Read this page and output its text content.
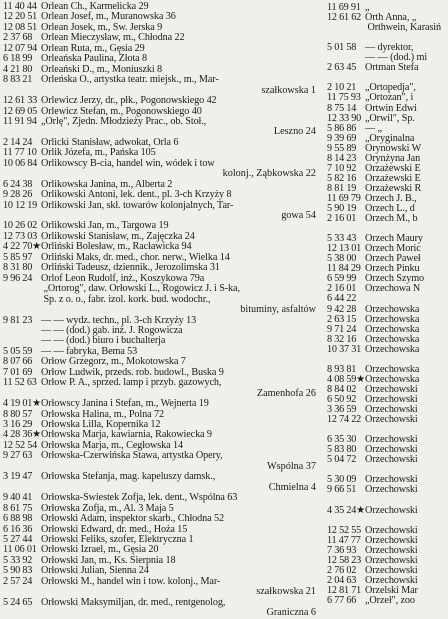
11 40 44 Orlean Ch., Karmelicka 29
12 20 51 Orlean Josef, m., Muranowska 36
12 08 51 Orlean Josek, m., Sw. Jerska 9
2 37 68 Orlean Mieczysław, m., Chłodna 22
12 07 94 Orlean Ruta, m., Gęsia 29
6 18 99 Orleańska Paulina, Złota 8
4 21 80 Orleański D., m., Moniuszki 8
8 83 21 Orleńska O., artystka teatr. miejsk., m., Mar-
szałkowska 1
12 61 33 Orlewicz Jerzy, dr., płk., Pogonowskiego 42
12 69 05 Orlewicz Stefan, m., Pogonowskiego 40
11 91 94 „Orlę", Zjedn. Młodzieży Prac., ob. Stoł.,
Leszno 24
2 14 24 Orlicki Stanisław, adwokat, Orla 6
11 77 10 Orlik Józefa, m., Pańska 105
10 06 84 Orlikowscy B-cia, handel win, wódek i tow
kolonj., Ząbkowska 22
6 24 38 Orlikowska Janina, m., Alberta 2
9 28 26 Orlikowski Antoni, lek. dent., pl. 3-ch Krzyży 8
10 12 19 Orlikowski Jan, skł. towarów kolonjalnych, Tar-
gowa 54
10 26 02 Orlikowski Jan, m., Targowa 19
12 73 03 Orlikowski Stanisław, m., Zajęczka 24
4 22 70★Orliński Bolesław, m., Racławicka 94
5 85 97 Orliński Maks, dr. med., chor. nerw., Wielka 14
8 31 80 Orliński Tadeusz, dziennik., Jerozolimska 31
9 96 24 Orlof Leon Rudolf, inż., Koszykowa 79a
„Ortorog", daw. Orłowski L., Rogowicz J. i S-ka,
Sp. z o. o., fabr. izol. kork. bud. wodochr.,
bituminy, asfaltów
9 81 23 — — wydz. techn., pl. 3-ch Krzyży 13
— — (dod.) gab. inż. J. Rogowicza
— — (dod.) biuro i buchalterja
5 05 59 — — fabryka, Bema 53
8 07 66 Orłow Grzegorz, m., Mokotowska 7
7 01 69 Orłow Ludwik, przeds. rob. budowl., Buska 9
11 52 63 Orłow P. A., sprzed. lamp i przyb. gazowych,
Zamenhofa 26
4 19 01★Orłowscy Janina i Stefan, m., Wejnerta 19
8 80 57 Orłowska Halina, m., Polna 72
3 16 29 Orłowska Lilla, Kopernika 12
4 28 36★Orłowska Marja, kawiarnia, Rakowiecka 9
12 52 54 Orłowska Marja, m., Cegłowska 14
9 27 63 Orłowska-Czerwińska Stawa, artystka Opery,
Wspólna 37
3 19 47 Orłowska Stefanja, mag. kapeluszy damsk.,
Chmielna 4
9 40 41 Orłowska-Świestek Zofja, lek. dent., Wspólna 63
8 61 75 Orłowska Zofja, m., Al. 3 Maja 5
6 88 98 Orłowski Adam, inspektor skarb., Chłodna 52
6 16 36 Orłowski Edward, dr. med., Hoża 15
5 27 44 Orłowski Feliks, szofer, Elektryczna 1
11 06 01 Orłowski Izrael, m., Gęsia 20
5 33 92 Orłowski Jan, m., Ks. Sierpnia 18
5 90 83 Orłowski Julian, Śienna 24
2 57 24 Orłowski M., handel win i tow. kolonj., Mar-
szałkowska 21
5 24 65 Orłowski Maksymiljan, dr. med., rentgenolog,
Graniczna 6
11 69 91 „
12 61 62 Orth Anna, „
Orthwein, Karasiń
5 01 58 — dyrektor,
— — (dod.) mi
2 63 45 Ortman Stefa
2 10 21 „Ortopedja",
11 75 93 „Ortozan", i
8 75 14 Ortwin Edwi
12 33 90 „Orwil", Sp.
5 86 86 — „
9 39 69 „Oryginalna
9 55 89 Orynowski W
8 14 23 Orynżyna Jan
7 10 92 Orzażewski E
5 82 16 Orzażewski E
8 81 19 Orzażewski R
11 69 79 Orzech J. B.,
5 90 19 Orzech L., d
2 16 01 Orzech M., b
5 33 43 Orzech Maury
12 13 01 Orzech Moric
5 38 00 Orzech Paweł
11 84 29 Orzech Pinku
6 59 99 Orzech Szymo
2 16 01 Orzechowa N
6 44 22
9 42 28 Orzechowska
2 63 15 Orzechowska
9 71 24 Orzechowska
8 32 16 Orzechowska
10 37 31 Orzechowska
8 93 81 Orzechowska
4 08 59★Orzechowska
8 84 02 Orzechowski
6 50 92 Orzechowski
3 36 59 Orzechowski
12 74 22 Orzechowski
6 35 30 Orzechowski
5 83 80 Orzechowski
5 04 72 Orzechowski
5 30 09 Orzechowski
9 66 51 Orzechowski
4 35 24★Orzechowski
12 52 55 Orzechowski
11 47 77 Orzechowski
7 36 93 Orzechowski
12 58 23 Orzechowski
2 76 02 Orzechowski
2 04 63 Orzechowski
12 81 71 Orzelski Mar
6 77 66 „Orzeł", zoo
